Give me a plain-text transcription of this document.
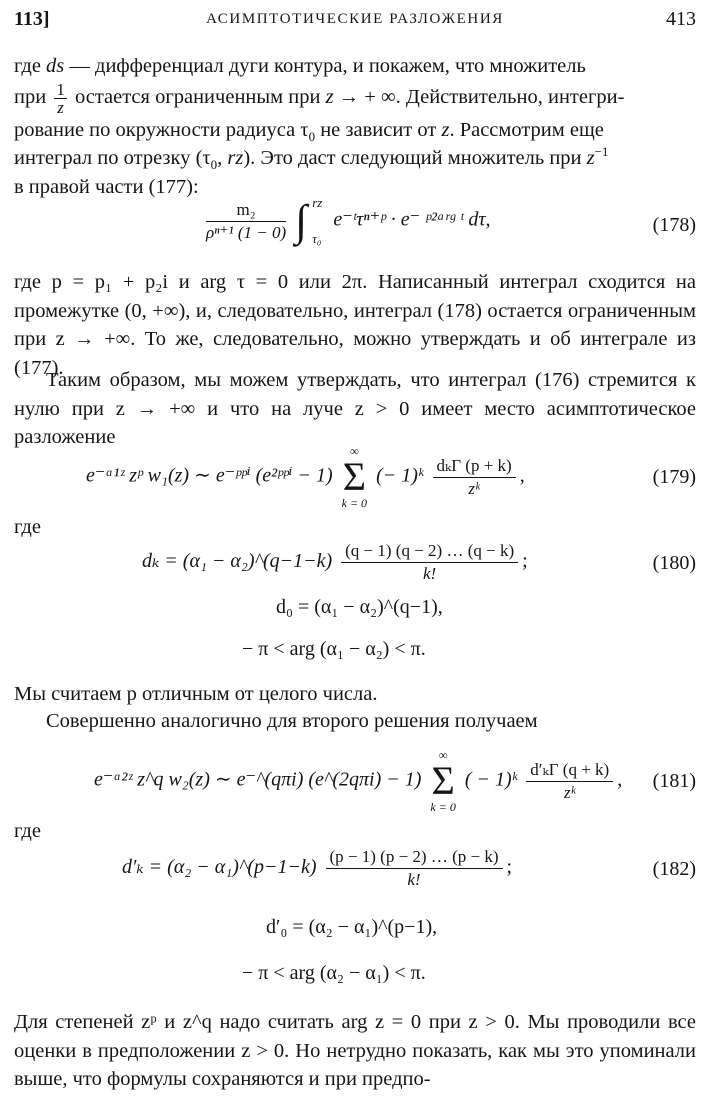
113]	АСИМПТОТИЧЕСКИЕ РАЗЛОЖЕНИЯ	413
где ds — дифференциал дуги контура, и покажем, что множитель
при $\frac{1}{z}$ остается ограниченным при z → + ∞. Действительно, интегри-
рование по окружности радиуса $\tau_0$ не зависит от z. Рассмотрим еще
интеграл по отрезку ($\tau_0$, rz). Это даст следующий множитель при $z^{-1}$
в правой части (177):
$\frac{\text{m₂}}{\text{ρⁿ⁺¹ (1 − 0)}}$ ∫ rz
τ₀
e⁻ᵗτⁿ⁺ᵖ · e⁻ ᵖ²ᵃʳᵍ ᵗ dτ,	(178)
где p = p₁ + p₂i и arg τ = 0 или 2π. Написанный интеграл сходится на промежутке (0, +∞), и, следовательно, интеграл (178) остается ограниченным при z → +∞. То же, следовательно, можно утверждать и об интеграле из (177).
Таким образом, мы можем утверждать, что интеграл (176) стремится к нулю при z → +∞ и что на луче z > 0 имеет место асимптотическое разложение
e⁻ᵅ¹ᶻ zᵖ w₁(z) ∼ e⁻ᵖᵖⁱ (e²ᵖᵖⁱ − 1)
∞
Σ
k = 0
(− 1)ᵏ dₖΓ (p + k)
zᵏ
,	(179)
где
dₖ = (α₁ − α₂)^(q−1−k) $\frac{(q - 1) (q - 2) \dots (q - k)}{k!}$ ;	(180)
d₀ = (α₁ − α₂)^(q−1),
− π < arg (α₁ − α₂) < π.
Мы считаем p отличным от целого числа.
Совершенно аналогично для второго решения получаем
e⁻ᵅ²ᶻ z^q w₂(z) ∼ e⁻^(qπi) (e^(2qπi) − 1)
∞
Σ
k = 0
( − 1)ᵏ $\frac{\text{d′ₖΓ (q + k)}}{\text{zᵏ}}$ , (181)
где
d′ₖ = (α₂ − α₁)^(p−1−k) $\frac{(p - 1) (p - 2) \dots (p - k)}{k!}$ ;	(182)
d′₀ = (α₂ − α₁)^(p−1),
− π < arg (α₂ − α₁) < π.
Для степеней zᵖ и z^q надо считать arg z = 0 при z > 0. Мы проводили все оценки в предположении z > 0. Но нетрудно показать, как мы это упоминали выше, что формулы сохраняются и при предпо-
